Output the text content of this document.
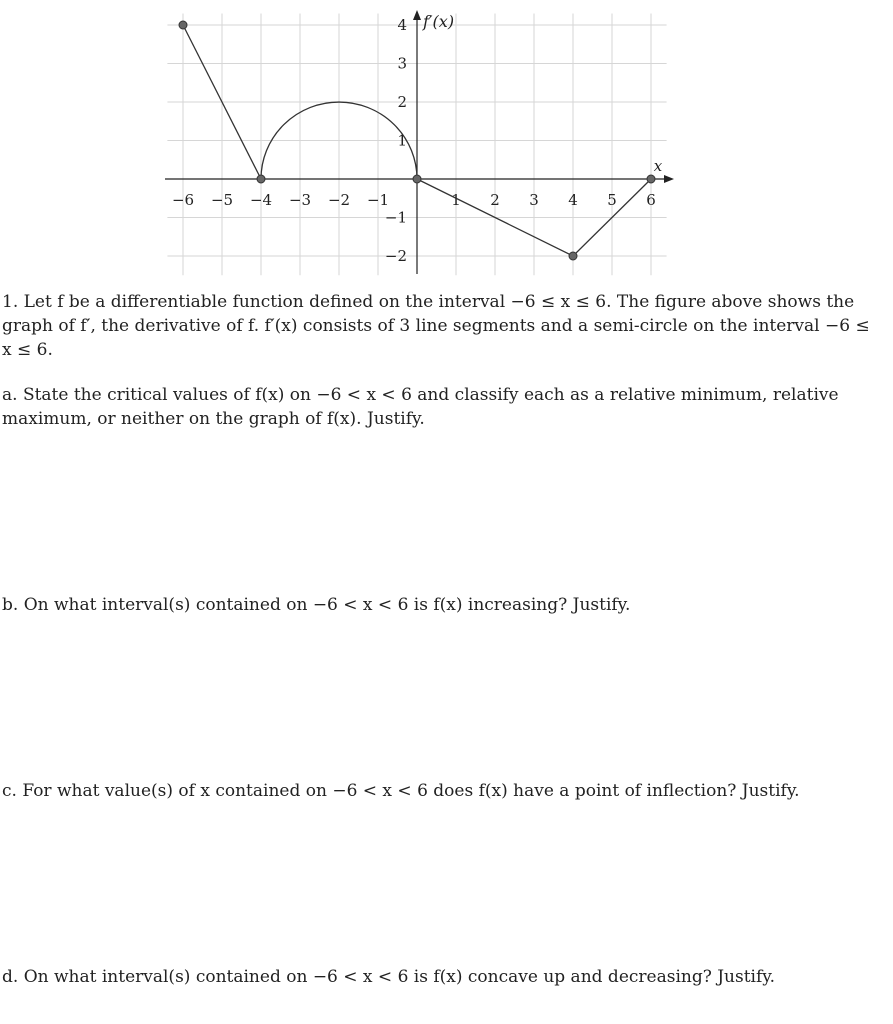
−6 −5 −4 −3 −2 −1	1 2 3 4 5 6
4
3
2
1
−1
−2
x
f′(x)

1. Let f be a differentiable function defined on the interval −6 ≤ x ≤ 6. The figure above shows the graph of f′, the derivative of f. f′(x) consists of 3 line segments and a semi-circle on the interval −6 ≤ x ≤ 6.

a. State the critical values of f(x) on −6 < x < 6 and classify each as a relative minimum, relative maximum, or neither on the graph of f(x). Justify.

b. On what interval(s) contained on −6 < x < 6 is f(x) increasing? Justify.

c. For what value(s) of x contained on −6 < x < 6 does f(x) have a point of inflection? Justify.

d. On what interval(s) contained on −6 < x < 6 is f(x) concave up and decreasing? Justify.
